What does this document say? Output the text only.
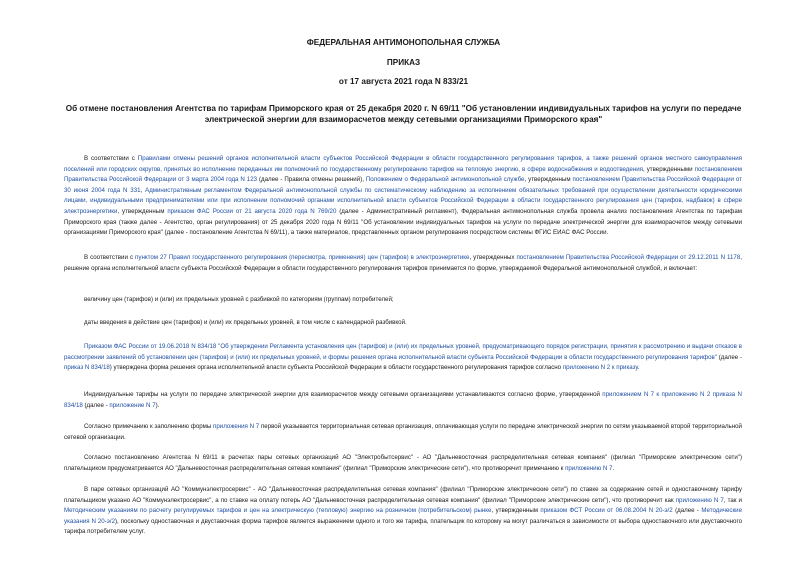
ФЕДЕРАЛЬНАЯ АНТИМОНОПОЛЬНАЯ СЛУЖБА
ПРИКАЗ
от 17 августа 2021 года N 833/21
Об отмене постановления Агентства по тарифам Приморского края от 25 декабря 2020 г. N 69/11 "Об установлении индивидуальных тарифов на услуги по передаче электрической энергии для взаиморасчетов между сетевыми организациями Приморского края"
В соответствии с Правилами отмены решений органов исполнительной власти субъектов Российской Федерации в области государственного регулирования тарифов, а также решений органов местного самоуправления поселений или городских округов, принятых во исполнение переданных им полномочий по государственному регулированию тарифов на тепловую энергию, в сфере водоснабжения и водоотведения, утвержденными постановлением Правительства Российской Федерации от 3 марта 2004 года N 123 (далее - Правила отмены решений), Положением о Федеральной антимонопольной службе, утвержденным постановлением Правительства Российской Федерации от 30 июня 2004 года N 331, Административным регламентом Федеральной антимонопольной службы по систематическому наблюдению за исполнением обязательных требований при осуществлении деятельности юридическими лицами, индивидуальными предпринимателями или при исполнении полномочий органами исполнительной власти субъектов Российской Федерации в области государственного регулирования цен (тарифов, надбавок) в сфере электроэнергетики, утвержденным приказом ФАС России от 21 августа 2020 года N 769/20 (далее - Административный регламент), Федеральная антимонопольная служба провела анализ постановления Агентства по тарифам Приморского края (также далее - Агентство, орган регулирования) от 25 декабря 2020 года N 69/11 "Об установлении индивидуальных тарифов на услуги по передаче электрической энергии для взаиморасчетов между сетевыми организациями Приморского края" (далее - постановление Агентства N 69/11), а также материалов, представленных органом регулирования посредством системы ФГИС ЕИАС ФАС России.
В соответствии с пунктом 27 Правил государственного регулирования (пересмотра, применения) цен (тарифов) в электроэнергетике, утвержденных постановлением Правительства Российской Федерации от 29.12.2011 N 1178, решение органа исполнительной власти субъекта Российской Федерации в области государственного регулирования тарифов принимается по форме, утверждаемой Федеральной антимонопольной службой, и включает:
величину цен (тарифов) и (или) их предельных уровней с разбивкой по категориям (группам) потребителей;
даты введения в действие цен (тарифов) и (или) их предельных уровней, в том числе с календарной разбивкой.
Приказом ФАС России от 19.06.2018 N 834/18 "Об утверждении Регламента установления цен (тарифов) и (или) их предельных уровней, предусматривающего порядок регистрации, принятия к рассмотрению и выдачи отказов в рассмотрении заявлений об установлении цен (тарифов) и (или) их предельных уровней, и формы решения органа исполнительной власти субъекта Российской Федерации в области государственного регулирования тарифов" (далее - приказ N 834/18) утверждена форма решения органа исполнительной власти субъекта Российской Федерации в области государственного регулирования тарифов согласно приложению N 2 к приказу.
Индивидуальные тарифы на услуги по передаче электрической энергии для взаиморасчетов между сетевыми организациями устанавливаются согласно форме, утвержденной приложением N 7 к приложению N 2 приказа N 834/18 (далее - приложение N 7).
Согласно примечанию к заполнению формы приложения N 7 первой указывается территориальная сетевая организация, оплачивающая услуги по передаче электрической энергии по сетям указываемой второй территориальной сетевой организации.
Согласно постановлению Агентства N 69/11 в расчетах пары сетевых организаций АО "Электробытсервис" - АО "Дальневосточная распределительная сетевая компания" (филиал "Приморские электрические сети") плательщиком предусматривается АО "Дальневосточная распределительная сетевая компания" (филиал "Приморские электрические сети"), что противоречит примечанию к приложению N 7.
В паре сетевых организаций АО "Коммунэлектросервис" - АО "Дальневосточная распределительная сетевая компания" (филиал "Приморские электрические сети") по ставке за содержание сетей и одноставочному тарифу плательщиком указано АО "Коммунэлектросервис", а по ставке на оплату потерь АО "Дальневосточная распределительная сетевая компания" (филиал "Приморские электрические сети"), что противоречит как приложению N 7, так и Методическим указаниям по расчету регулируемых тарифов и цен на электрическую (тепловую) энергию на розничном (потребительском) рынке, утвержденным приказом ФСТ России от 06.08.2004 N 20-э/2 (далее - Методические указания N 20-э/2), поскольку одноставочная и двуставочная форма тарифов является выражением одного и того же тарифа, плательщик по которому на могут различаться в зависимости от выбора одноставочного или двуставочного тарифа потребителем услуг.
